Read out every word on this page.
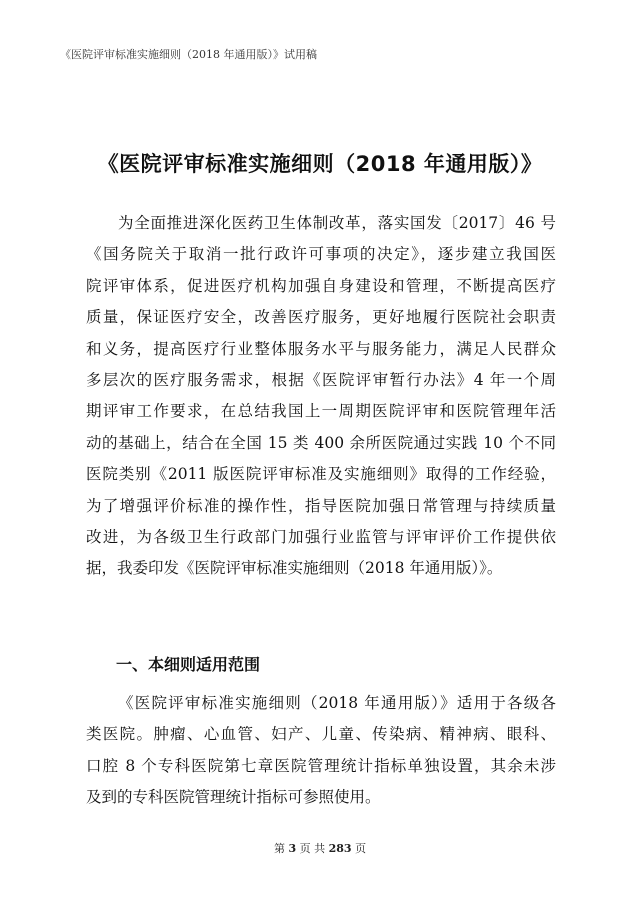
《医院评审标准实施细则（2018 年通用版）》试用稿
《医院评审标准实施细则（2018 年通用版）》
为全面推进深化医药卫生体制改革，落实国发〔2017〕46 号
《国务院关于取消一批行政许可事项的决定》，逐步建立我国医
院评审体系，促进医疗机构加强自身建设和管理，不断提高医疗
质量，保证医疗安全，改善医疗服务，更好地履行医院社会职责
和义务，提高医疗行业整体服务水平与服务能力，满足人民群众
多层次的医疗服务需求，根据《医院评审暂行办法》4 年一个周
期评审工作要求，在总结我国上一周期医院评审和医院管理年活
动的基础上，结合在全国 15 类 400 余所医院通过实践 10 个不同
医院类别《2011 版医院评审标准及实施细则》取得的工作经验，
为了增强评价标准的操作性，指导医院加强日常管理与持续质量
改进，为各级卫生行政部门加强行业监管与评审评价工作提供依
据，我委印发《医院评审标准实施细则（2018 年通用版）》。
一、本细则适用范围
《医院评审标准实施细则（2018 年通用版）》适用于各级各
类医院。肿瘤、心血管、妇产、儿童、传染病、精神病、眼科、
口腔 8 个专科医院第七章医院管理统计指标单独设置，其余未涉
及到的专科医院管理统计指标可参照使用。
第 3 页 共 283 页
